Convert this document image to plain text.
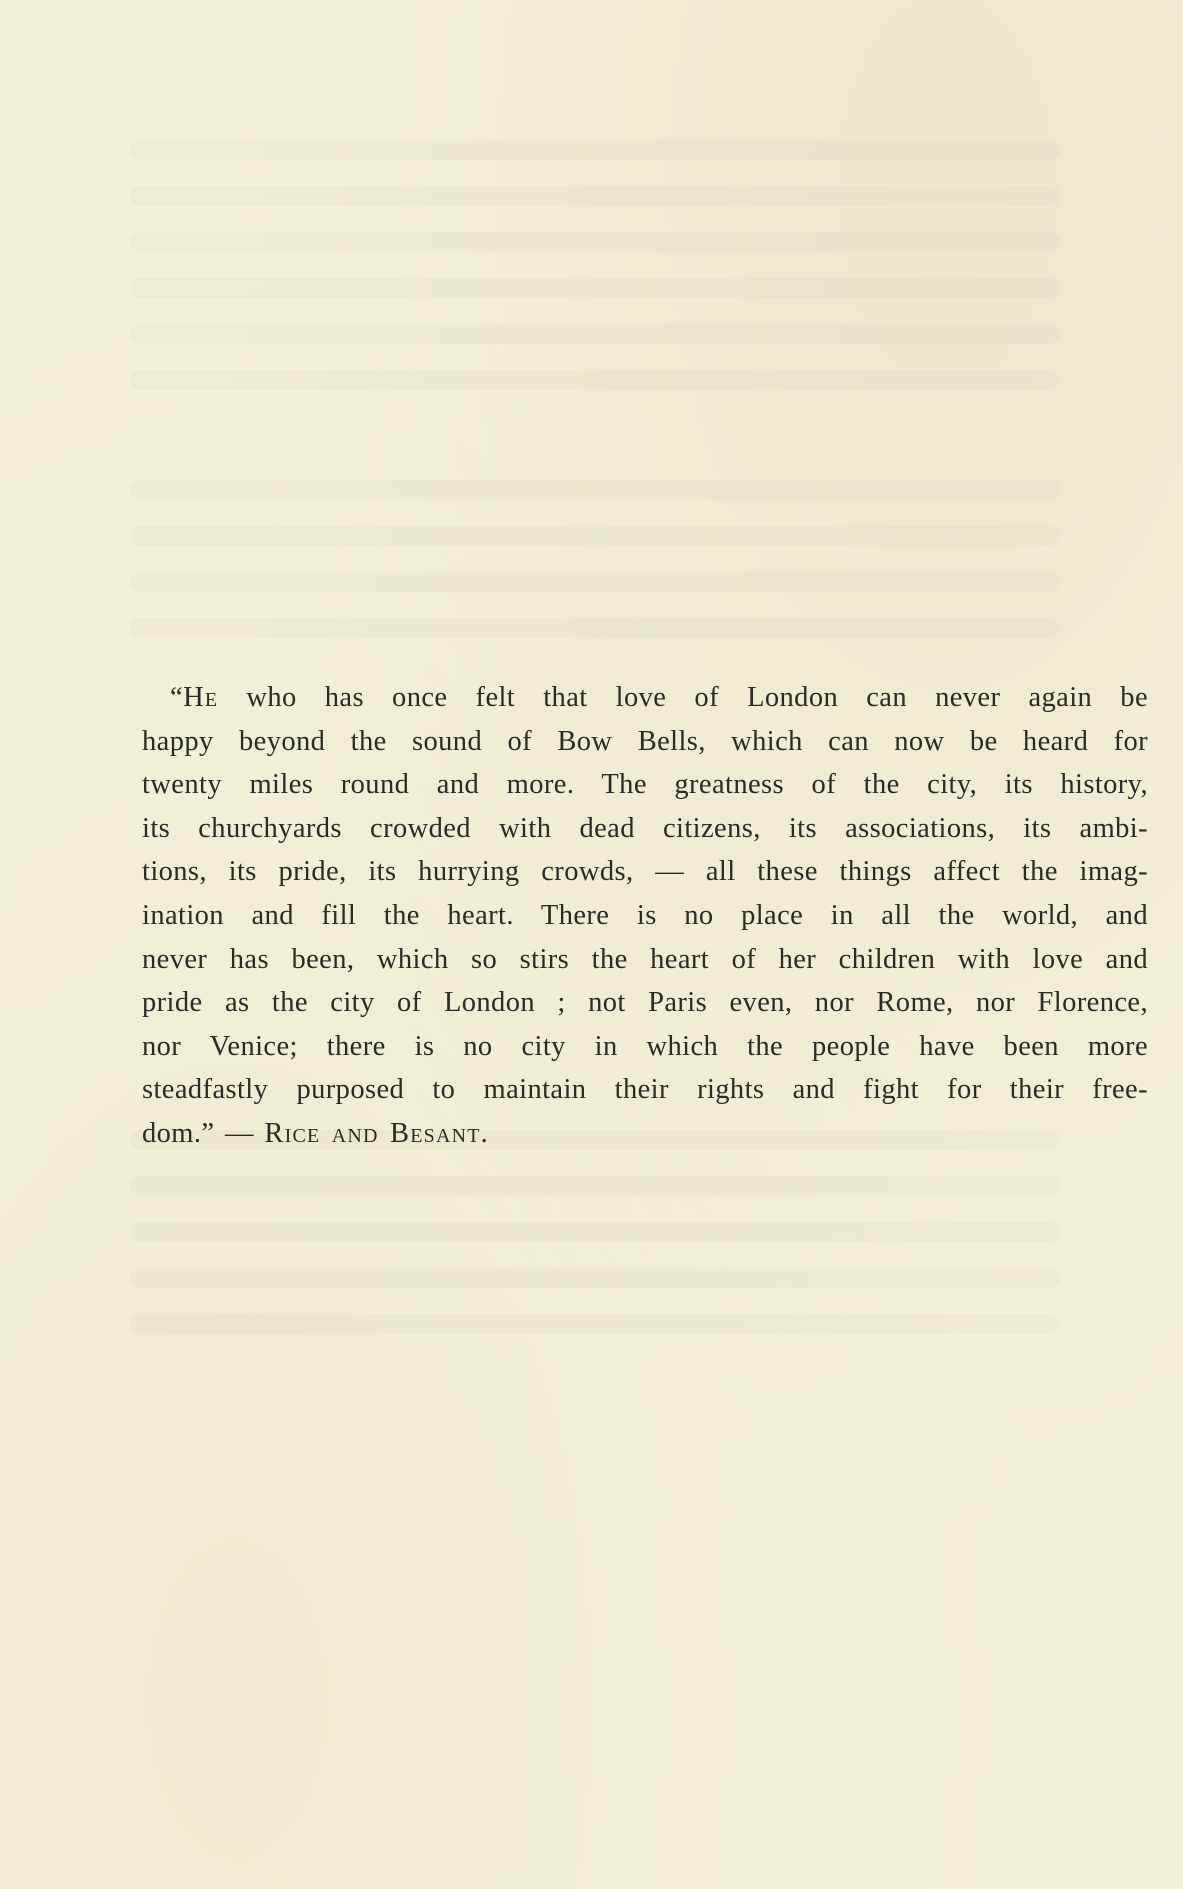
“He who has once felt that love of London can never again be
happy beyond the sound of Bow Bells, which can now be heard for
twenty miles round and more. The greatness of the city, its history,
its churchyards crowded with dead citizens, its associations, its ambi-
tions, its pride, its hurrying crowds, — all these things affect the imag-
ination and fill the heart. There is no place in all the world, and
never has been, which so stirs the heart of her children with love and
pride as the city of London ; not Paris even, nor Rome, nor Florence,
nor Venice; there is no city in which the people have been more
steadfastly purposed to maintain their rights and fight for their free-
dom.” — Rice and Besant.
